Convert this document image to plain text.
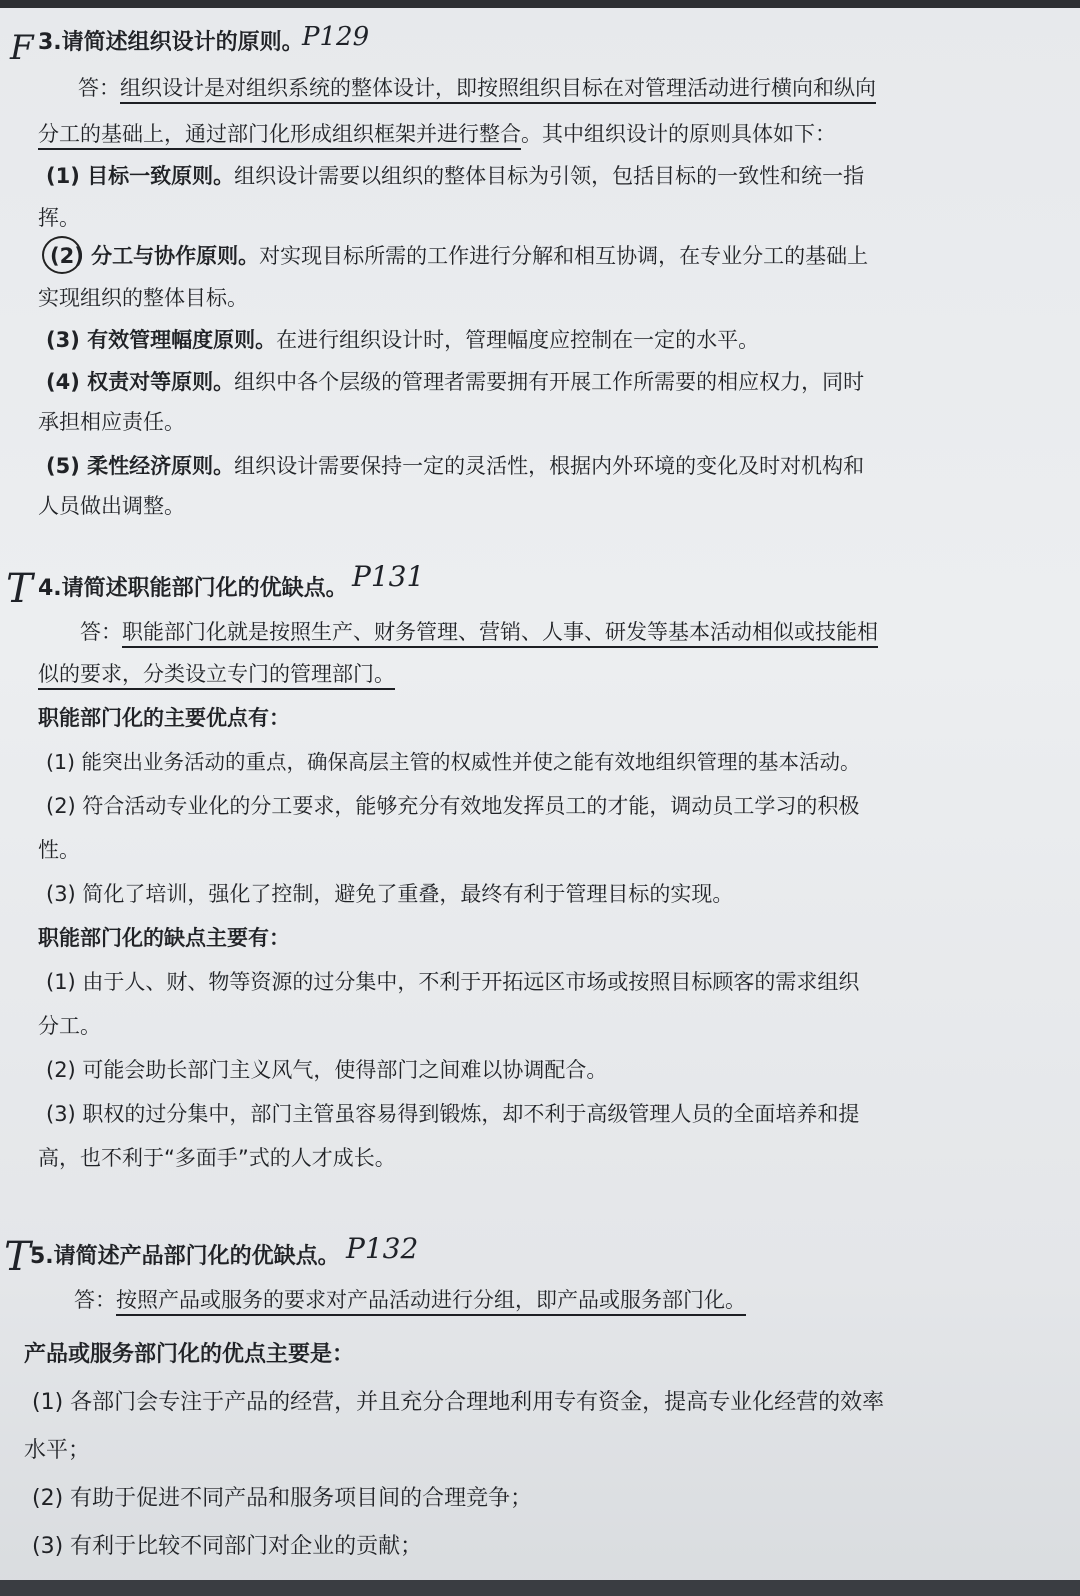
F	P129
3.请简述组织设计的原则。
答：组织设计是对组织系统的整体设计，即按照组织目标在对管理活动进行横向和纵向
分工的基础上，通过部门化形成组织框架并进行整合。其中组织设计的原则具体如下：
(1) 目标一致原则。组织设计需要以组织的整体目标为引领，包括目标的一致性和统一指
挥。
(2) 分工与协作原则。对实现目标所需的工作进行分解和相互协调，在专业分工的基础上
实现组织的整体目标。
(3) 有效管理幅度原则。在进行组织设计时，管理幅度应控制在一定的水平。
(4) 权责对等原则。组织中各个层级的管理者需要拥有开展工作所需要的相应权力，同时
承担相应责任。
(5) 柔性经济原则。组织设计需要保持一定的灵活性，根据内外环境的变化及时对机构和
人员做出调整。
T 4.请简述职能部门化的优缺点。 P131
答：职能部门化就是按照生产、财务管理、营销、人事、研发等基本活动相似或技能相
似的要求，分类设立专门的管理部门。
职能部门化的主要优点有：
(1) 能突出业务活动的重点，确保高层主管的权威性并使之能有效地组织管理的基本活动。
(2) 符合活动专业化的分工要求，能够充分有效地发挥员工的才能，调动员工学习的积极
性。
(3) 简化了培训，强化了控制，避免了重叠，最终有利于管理目标的实现。
职能部门化的缺点主要有：
(1) 由于人、财、物等资源的过分集中，不利于开拓远区市场或按照目标顾客的需求组织
分工。
(2) 可能会助长部门主义风气，使得部门之间难以协调配合。
(3) 职权的过分集中，部门主管虽容易得到锻炼，却不利于高级管理人员的全面培养和提
高，也不利于“多面手”式的人才成长。
T 5.请简述产品部门化的优缺点。 P132
答：按照产品或服务的要求对产品活动进行分组，即产品或服务部门化。
产品或服务部门化的优点主要是：
(1) 各部门会专注于产品的经营，并且充分合理地利用专有资金，提高专业化经营的效率
水平；
(2) 有助于促进不同产品和服务项目间的合理竞争；
(3) 有利于比较不同部门对企业的贡献；
